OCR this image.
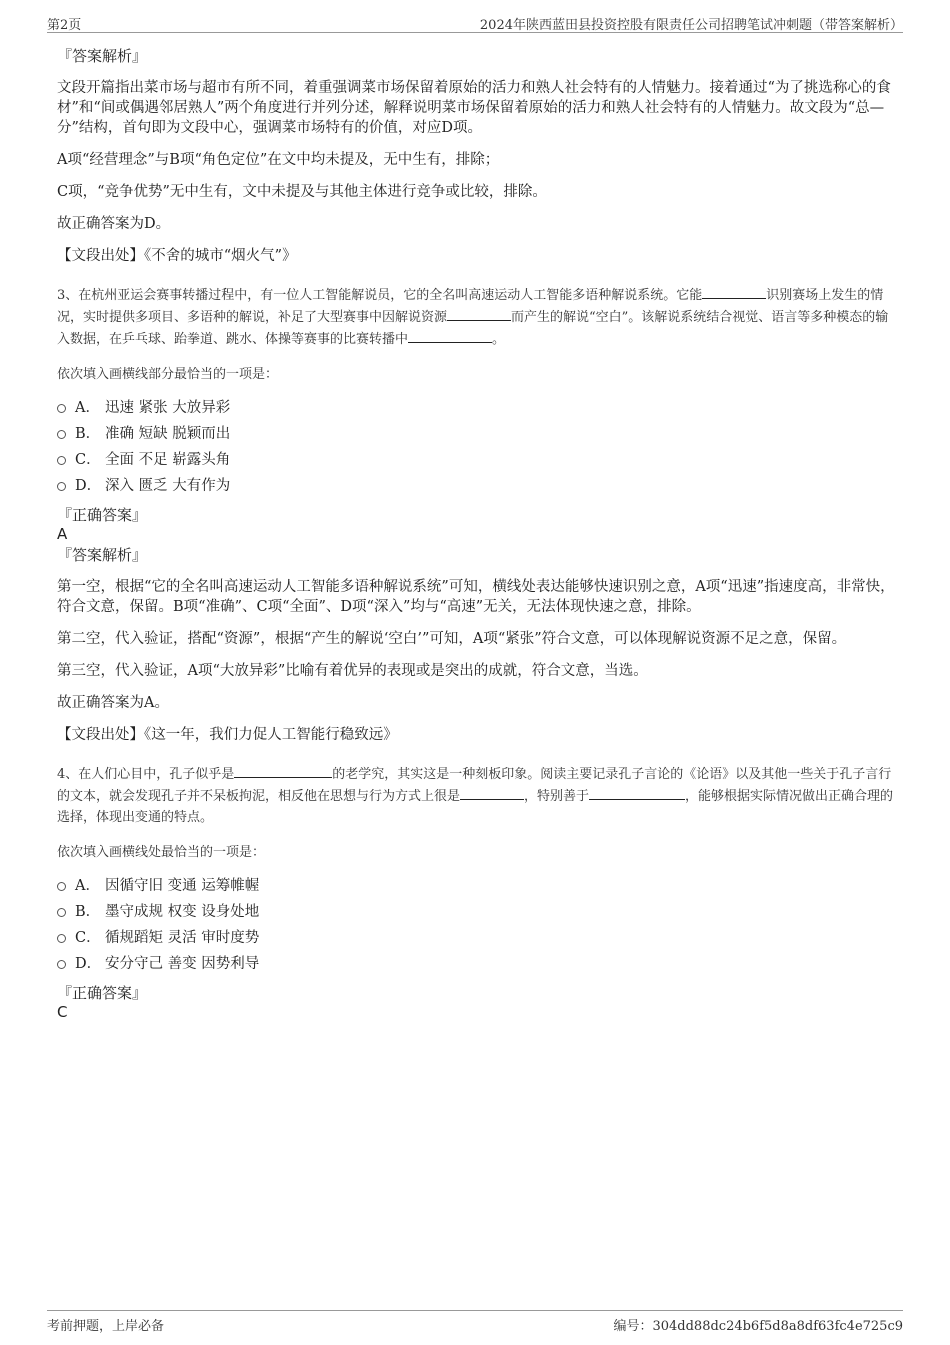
第2页	2024年陕西蓝田县投资控股有限责任公司招聘笔试冲刺题（带答案解析）
『答案解析』

文段开篇指出菜市场与超市有所不同，着重强调菜市场保留着原始的活力和熟人社会特有的人情魅力。接着通过“为了挑选称心的食材”和“间或偶遇邻居熟人”两个角度进行并列分述，解释说明菜市场保留着原始的活力和熟人社会特有的人情魅力。故文段为“总—分”结构，首句即为文段中心，强调菜市场特有的价值，对应D项。

A项“经营理念”与B项“角色定位”在文中均未提及，无中生有，排除；

C项，“竞争优势”无中生有，文中未提及与其他主体进行竞争或比较，排除。

故正确答案为D。

【文段出处】《不舍的城市“烟火气”》

3、在杭州亚运会赛事转播过程中，有一位人工智能解说员，它的全名叫高速运动人工智能多语种解说系统。它能	识别赛场上发生的情况，实时提供多项目、多语种的解说，补足了大型赛事中因解说资源	而产生的解说“空白”。该解说系统结合视觉、语言等多种模态的输入数据，在乒乓球、跆拳道、跳水、体操等赛事的比赛转播中	。

依次填入画横线部分最恰当的一项是：

A． 迅速 紧张 大放异彩
B． 准确 短缺 脱颖而出
C． 全面 不足 崭露头角
D． 深入 匮乏 大有作为
『正确答案』
A
『答案解析』

第一空，根据“它的全名叫高速运动人工智能多语种解说系统”可知，横线处表达能够快速识别之意，A项“迅速”指速度高，非常快，符合文意，保留。B项“准确”、C项“全面”、D项“深入”均与“高速”无关，无法体现快速之意，排除。

第二空，代入验证，搭配“资源”，根据“产生的解说‘空白’”可知，A项“紧张”符合文意，可以体现解说资源不足之意，保留。

第三空，代入验证，A项“大放异彩”比喻有着优异的表现或是突出的成就，符合文意，当选。

故正确答案为A。

【文段出处】《这一年，我们力促人工智能行稳致远》

4、在人们心目中，孔子似乎是	的老学究，其实这是一种刻板印象。阅读主要记录孔子言论的《论语》以及其他一些关于孔子言行的文本，就会发现孔子并不呆板拘泥，相反他在思想与行为方式上很是	，特别善于	，能够根据实际情况做出正确合理的选择，体现出变通的特点。

依次填入画横线处最恰当的一项是：

A． 因循守旧 变通 运筹帷幄
B． 墨守成规 权变 设身处地
C． 循规蹈矩 灵活 审时度势
D． 安分守己 善变 因势利导
『正确答案』
C
考前押题，上岸必备	编号：304dd88dc24b6f5d8a8df63fc4e725c9
